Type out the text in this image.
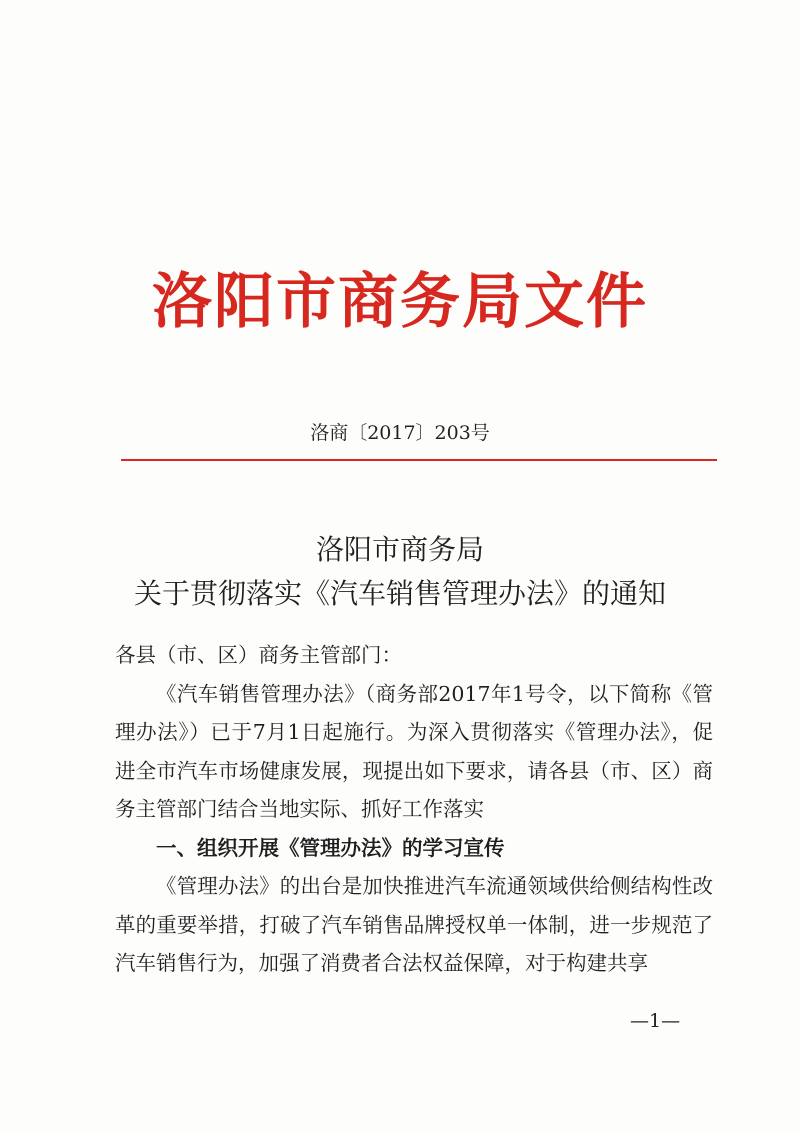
洛阳市商务局文件
洛商〔2017〕203号
洛阳市商务局
关于贯彻落实《汽车销售管理办法》的通知

各县（市、区）商务主管部门：

《汽车销售管理办法》（商务部2017年1号令，以下简称《管理办法》）已于7月1日起施行。为深入贯彻落实《管理办法》，促进全市汽车市场健康发展，现提出如下要求，请各县（市、区）商务主管部门结合当地实际、抓好工作落实

一、组织开展《管理办法》的学习宣传

《管理办法》的出台是加快推进汽车流通领域供给侧结构性改革的重要举措，打破了汽车销售品牌授权单一体制，进一步规范了汽车销售行为，加强了消费者合法权益保障，对于构建共享

—1—
